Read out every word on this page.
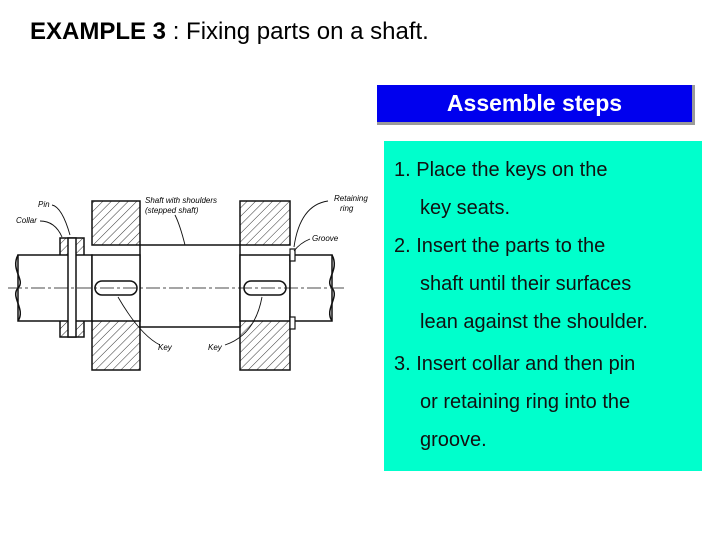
EXAMPLE 3 : Fixing parts on a shaft.
Pin
Collar
Shaft with shoulders
(stepped shaft)
Retaining
ring
Groove
Key	Key
Assemble steps
1. Place the keys on the
key seats.
2. Insert the parts to the
shaft until their surfaces
lean against the shoulder.
3. Insert collar and then pin
or retaining ring into the
groove.
